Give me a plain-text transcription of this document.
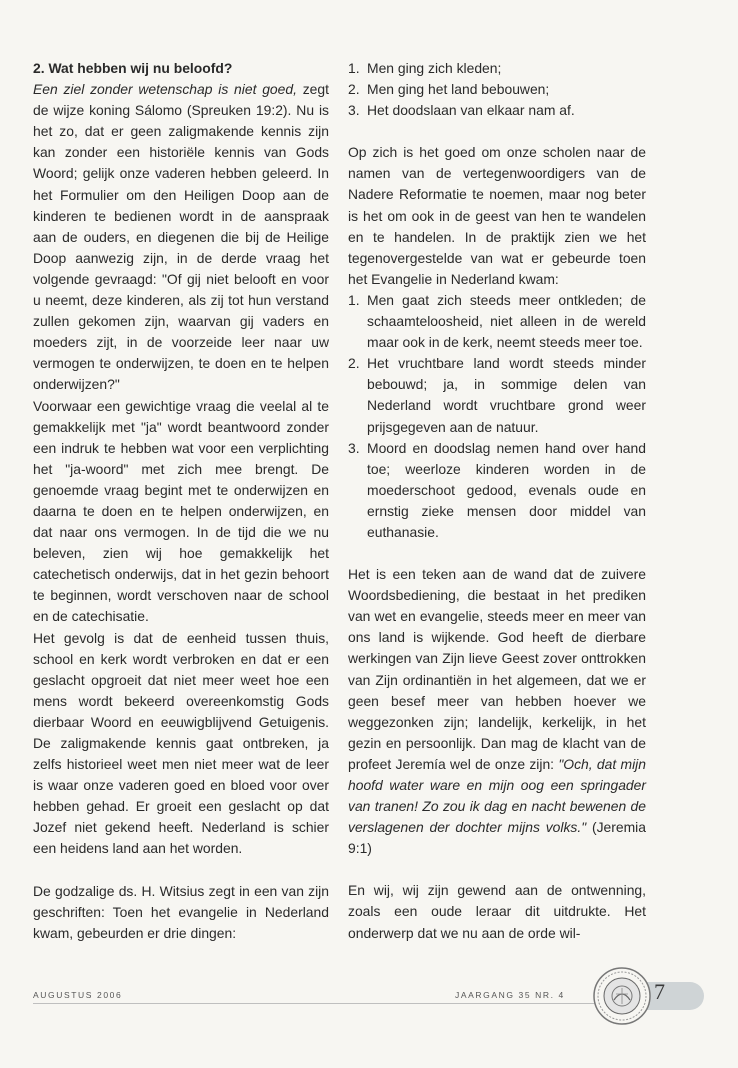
2. Wat hebben wij nu beloofd?

Een ziel zonder wetenschap is niet goed, zegt de wijze koning Sálomo (Spreuken 19:2). Nu is het zo, dat er geen zaligmakende kennis zijn kan zonder een historiële kennis van Gods Woord; gelijk onze vaderen hebben geleerd. In het Formulier om den Heiligen Doop aan de kinderen te bedienen wordt in de aanspraak aan de ouders, en diegenen die bij de Heilige Doop aanwezig zijn, in de derde vraag het volgende gevraagd: "Of gij niet belooft en voor u neemt, deze kinderen, als zij tot hun verstand zullen gekomen zijn, waarvan gij vaders en moeders zijt, in de voorzeide leer naar uw vermogen te onderwijzen, te doen en te helpen onderwijzen?"

Voorwaar een gewichtige vraag die veelal al te gemakkelijk met "ja" wordt beantwoord zonder een indruk te hebben wat voor een verplichting het "ja-woord" met zich mee brengt. De genoemde vraag begint met te onderwijzen en daarna te doen en te helpen onderwijzen, en dat naar ons vermogen. In de tijd die we nu beleven, zien wij hoe gemakkelijk het catechetisch onderwijs, dat in het gezin behoort te beginnen, wordt verschoven naar de school en de catechisatie.

Het gevolg is dat de eenheid tussen thuis, school en kerk wordt verbroken en dat er een geslacht opgroeit dat niet meer weet hoe een mens wordt bekeerd overeenkomstig Gods dierbaar Woord en eeuwigblijvend Getuigenis. De zaligmakende kennis gaat ontbreken, ja zelfs historieel weet men niet meer wat de leer is waar onze vaderen goed en bloed voor over hebben gehad. Er groeit een geslacht op dat Jozef niet gekend heeft. Nederland is schier een heidens land aan het worden.

De godzalige ds. H. Witsius zegt in een van zijn geschriften: Toen het evangelie in Nederland kwam, gebeurden er drie dingen:

1. Men ging zich kleden;
2. Men ging het land bebouwen;
3. Het doodslaan van elkaar nam af.

Op zich is het goed om onze scholen naar de namen van de vertegenwoordigers van de Nadere Reformatie te noemen, maar nog beter is het om ook in de geest van hen te wandelen en te handelen. In de praktijk zien we het tegenovergestelde van wat er gebeurde toen het Evangelie in Nederland kwam:

1. Men gaat zich steeds meer ontkleden; de schaamteloosheid, niet alleen in de wereld maar ook in de kerk, neemt steeds meer toe.
2. Het vruchtbare land wordt steeds minder bebouwd; ja, in sommige delen van Nederland wordt vruchtbare grond weer prijsgegeven aan de natuur.
3. Moord en doodslag nemen hand over hand toe; weerloze kinderen worden in de moederschoot gedood, evenals oude en ernstig zieke mensen door middel van euthanasie.

Het is een teken aan de wand dat de zuivere Woordsbediening, die bestaat in het prediken van wet en evangelie, steeds meer en meer van ons land is wijkende. God heeft de dierbare werkingen van Zijn lieve Geest zover onttrokken van Zijn ordinantiën in het algemeen, dat we er geen besef meer van hebben hoever we weggezonken zijn; landelijk, kerkelijk, in het gezin en persoonlijk. Dan mag de klacht van de profeet Jeremía wel de onze zijn: "Och, dat mijn hoofd water ware en mijn oog een springader van tranen! Zo zou ik dag en nacht bewenen de verslagenen der dochter mijns volks." (Jeremia 9:1)

En wij, wij zijn gewend aan de ontwenning, zoals een oude leraar dit uitdrukte. Het onderwerp dat we nu aan de orde wil-

AUGUSTUS 2006	JAARGANG 35 NR. 4	7
